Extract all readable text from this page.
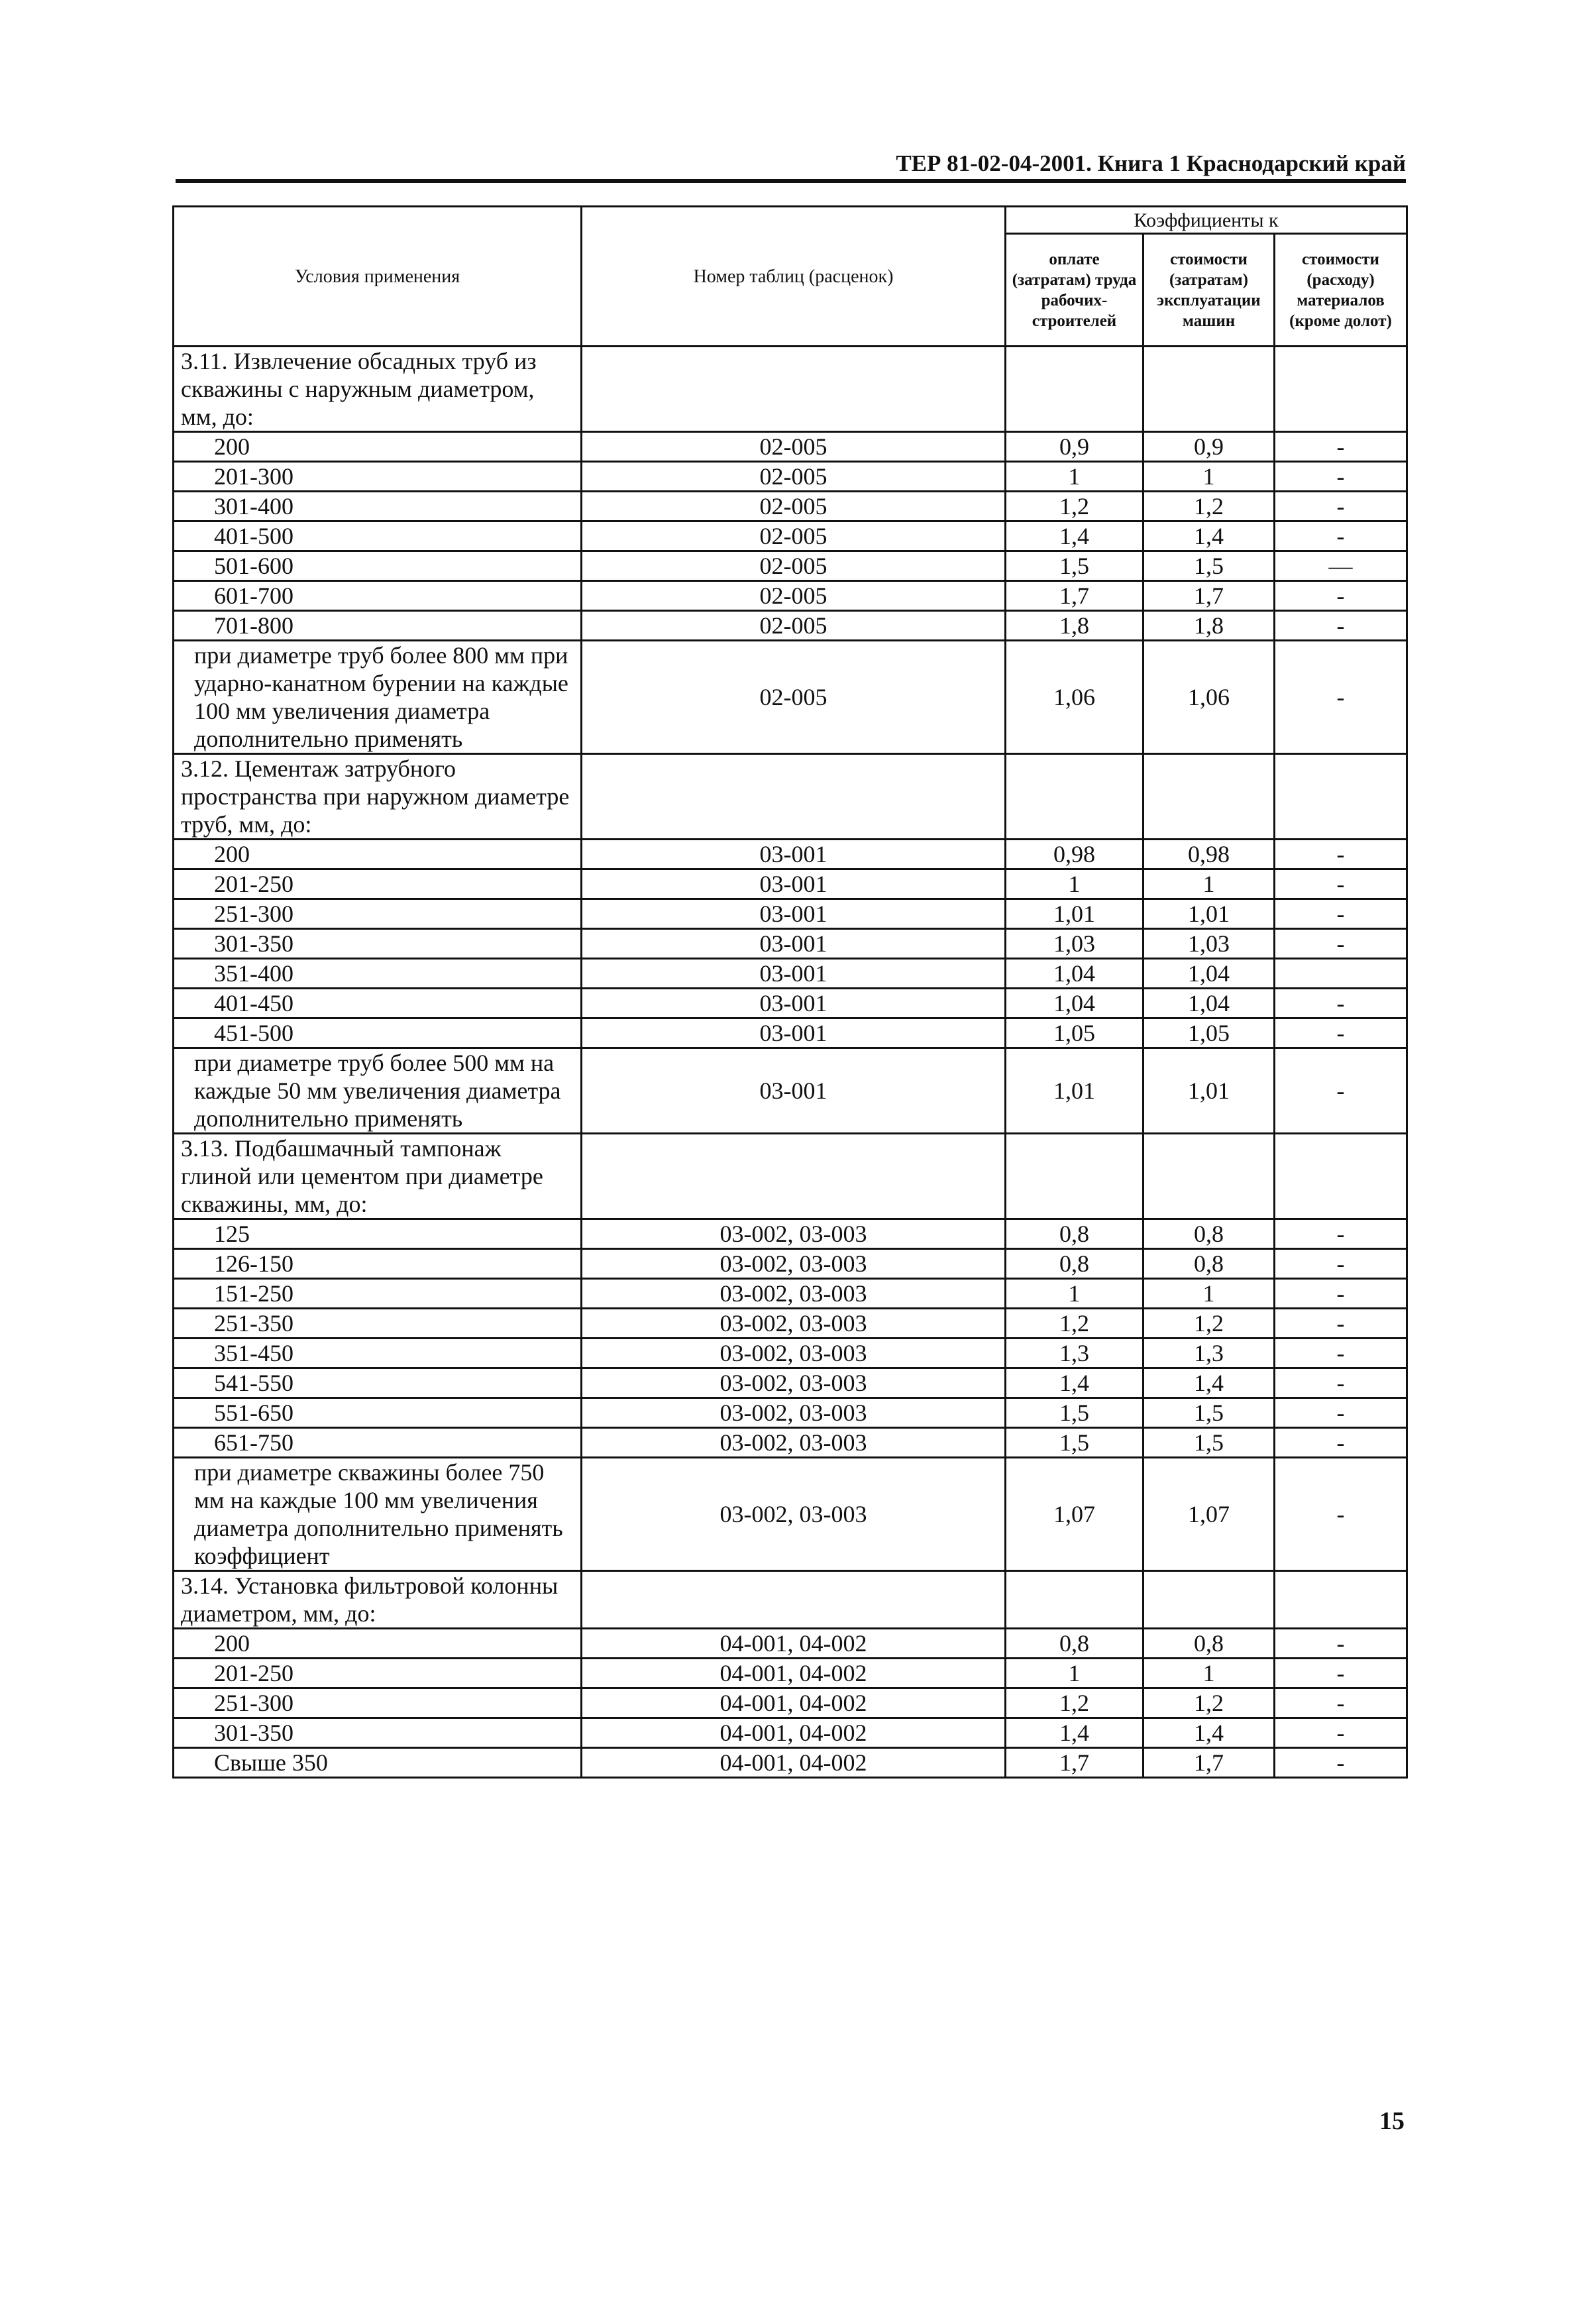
ТЕР 81-02-04-2001. Книга 1 Краснодарский край
Условия применения	Номер таблиц (расценок)	Коэффициенты к		
		оплате (затратам) труда рабочих-строителей	стоимости (затратам) эксплуатации машин	стоимости (расходу) материалов (кроме долот)
3.11. Извлечение обсадных труб из скважины с наружным диаметром, мм, до:				
200	02-005	0,9	0,9	-
201-300	02-005	1	1	-
301-400	02-005	1,2	1,2	-
401-500	02-005	1,4	1,4	-
501-600	02-005	1,5	1,5	—
601-700	02-005	1,7	1,7	-
701-800	02-005	1,8	1,8	-
при диаметре труб более 800 мм при ударно-канатном бурении на каждые 100 мм увеличения диаметра дополнительно применять	02-005	1,06	1,06	-
3.12. Цементаж затрубного пространства при наружном диаметре труб, мм, до:				
200	03-001	0,98	0,98	-
201-250	03-001	1	1	-
251-300	03-001	1,01	1,01	-
301-350	03-001	1,03	1,03	-
351-400	03-001	1,04	1,04	
401-450	03-001	1,04	1,04	-
451-500	03-001	1,05	1,05	-
при диаметре труб более 500 мм на каждые 50 мм увеличения диаметра дополнительно применять	03-001	1,01	1,01	-
3.13. Подбашмачный тампонаж глиной или цементом при диаметре скважины, мм, до:				
125	03-002, 03-003	0,8	0,8	-
126-150	03-002, 03-003	0,8	0,8	-
151-250	03-002, 03-003	1	1	-
251-350	03-002, 03-003	1,2	1,2	-
351-450	03-002, 03-003	1,3	1,3	-
541-550	03-002, 03-003	1,4	1,4	-
551-650	03-002, 03-003	1,5	1,5	-
651-750	03-002, 03-003	1,5	1,5	-
при диаметре скважины более 750 мм на каждые 100 мм увеличения диаметра дополнительно применять коэффициент	03-002, 03-003	1,07	1,07	-
3.14. Установка фильтровой колонны диаметром, мм, до:				
200	04-001, 04-002	0,8	0,8	-
201-250	04-001, 04-002	1	1	-
251-300	04-001, 04-002	1,2	1,2	-
301-350	04-001, 04-002	1,4	1,4	-
Свыше 350	04-001, 04-002	1,7	1,7	-
15
